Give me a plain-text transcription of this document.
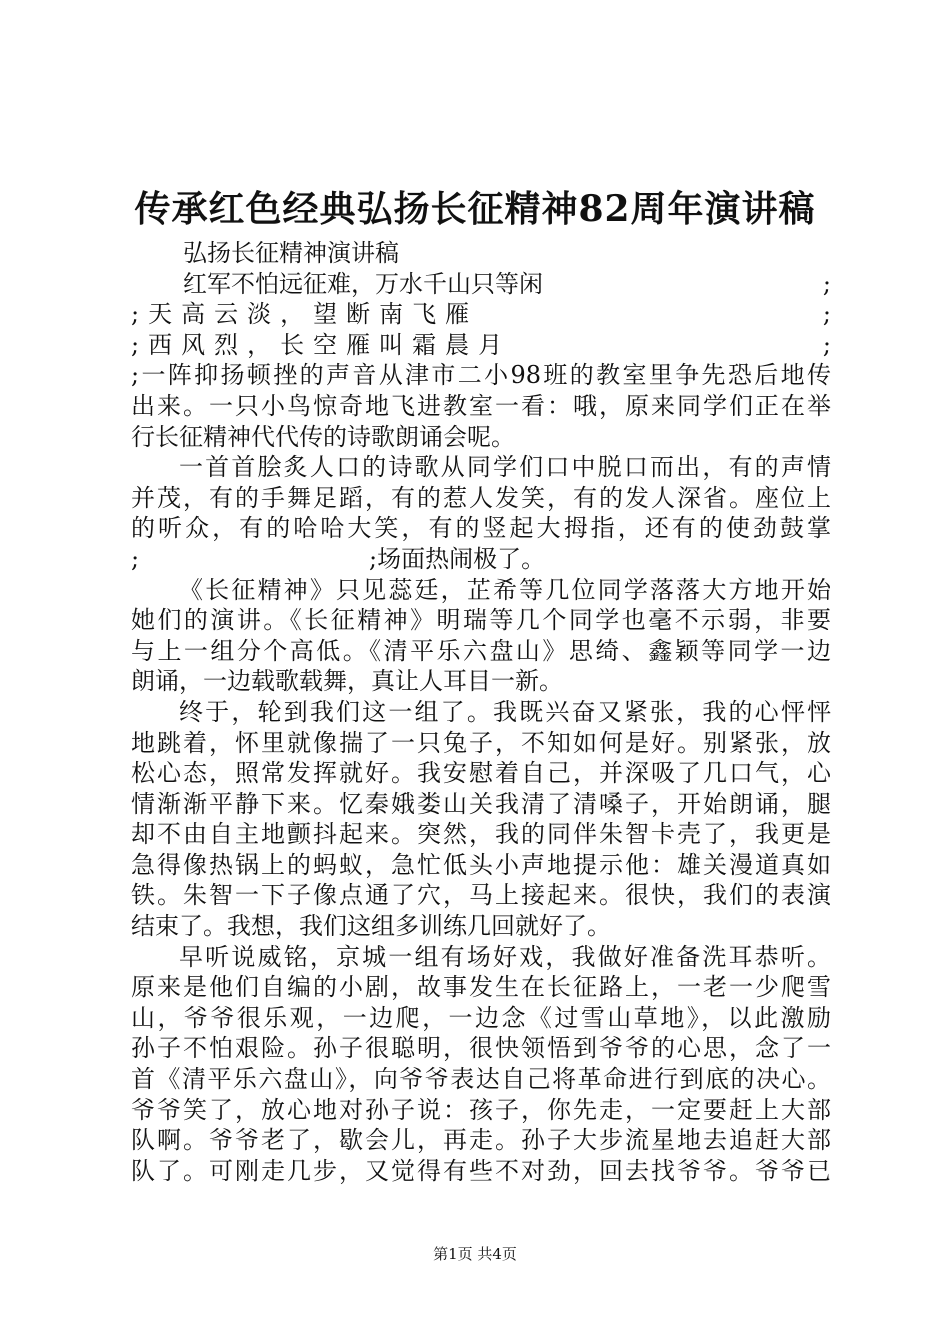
传承红色经典弘扬长征精神82周年演讲稿
弘扬长征精神演讲稿
红军不怕远征难，万水千山只等闲	;
;天高云淡，望断南飞雁	;
;西风烈，长空雁叫霜晨月	;
;一阵抑扬顿挫的声音从津市二小98班的教室里争先恐后地传
出来。一只小鸟惊奇地飞进教室一看：哦，原来同学们正在举
行长征精神代代传的诗歌朗诵会呢。
一首首脍炙人口的诗歌从同学们口中脱口而出，有的声情
并茂，有的手舞足蹈，有的惹人发笑，有的发人深省。座位上
的听众，有的哈哈大笑，有的竖起大拇指，还有的使劲鼓掌
;	;场面热闹极了。
《长征精神》只见蕊廷，芷希等几位同学落落大方地开始
她们的演讲。《长征精神》明瑞等几个同学也毫不示弱，非要
与上一组分个高低。《清平乐六盘山》思绮、鑫颖等同学一边
朗诵，一边载歌载舞，真让人耳目一新。
终于，轮到我们这一组了。我既兴奋又紧张，我的心怦怦
地跳着，怀里就像揣了一只兔子，不知如何是好。别紧张，放
松心态，照常发挥就好。我安慰着自己，并深吸了几口气，心
情渐渐平静下来。忆秦娥娄山关我清了清嗓子，开始朗诵，腿
却不由自主地颤抖起来。突然，我的同伴朱智卡壳了，我更是
急得像热锅上的蚂蚁，急忙低头小声地提示他：雄关漫道真如
铁。朱智一下子像点通了穴，马上接起来。很快，我们的表演
结束了。我想，我们这组多训练几回就好了。
早听说威铭，京城一组有场好戏，我做好准备洗耳恭听。
原来是他们自编的小剧，故事发生在长征路上，一老一少爬雪
山，爷爷很乐观，一边爬，一边念《过雪山草地》，以此激励
孙子不怕艰险。孙子很聪明，很快领悟到爷爷的心思，念了一
首《清平乐六盘山》，向爷爷表达自己将革命进行到底的决心。
爷爷笑了，放心地对孙子说：孩子，你先走，一定要赶上大部
队啊。爷爷老了，歇会儿，再走。孙子大步流星地去追赶大部
队了。可刚走几步，又觉得有些不对劲，回去找爷爷。爷爷已
第1页 共4页
